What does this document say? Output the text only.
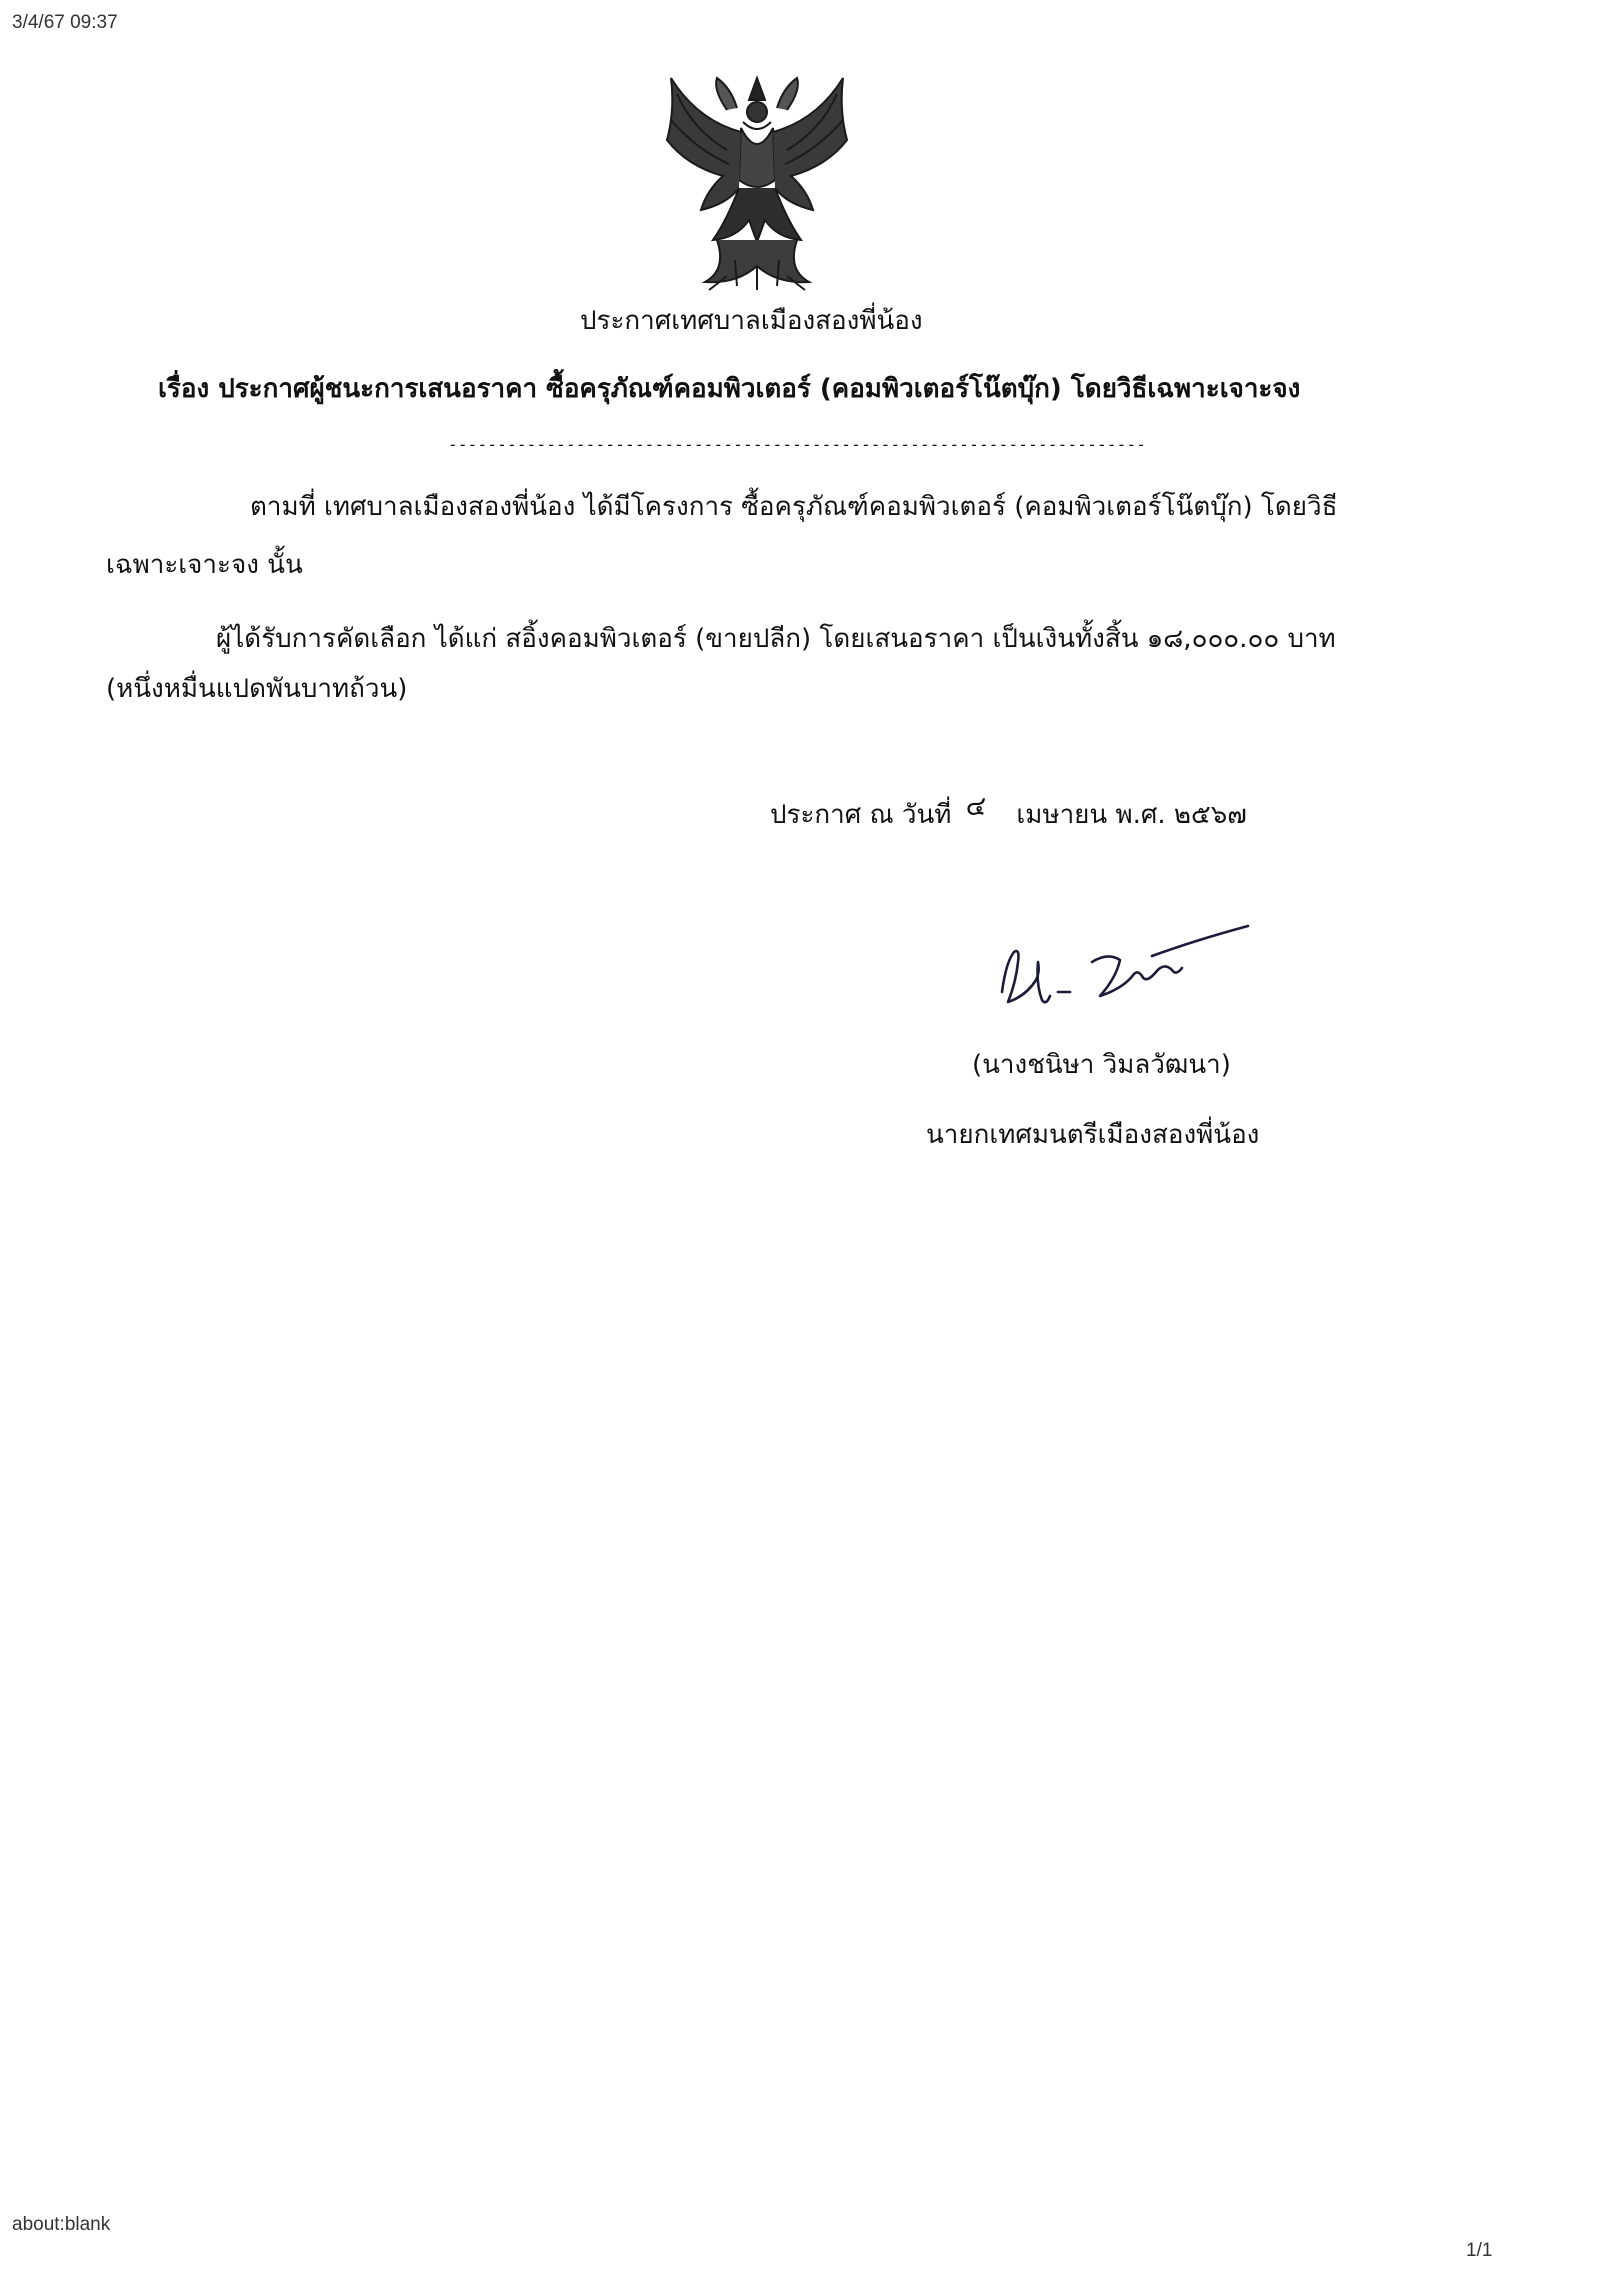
3/4/67 09:37
ประกาศเทศบาลเมืองสองพี่น้อง
เรื่อง ประกาศผู้ชนะการเสนอราคา ซื้อครุภัณฑ์คอมพิวเตอร์ (คอมพิวเตอร์โน๊ตบุ๊ก) โดยวิธีเฉพาะเจาะจง
-----------------------------------------------------------------------
ตามที่ เทศบาลเมืองสองพี่น้อง ได้มีโครงการ ซื้อครุภัณฑ์คอมพิวเตอร์ (คอมพิวเตอร์โน๊ตบุ๊ก) โดยวิธี
เฉพาะเจาะจง นั้น
ผู้ได้รับการคัดเลือก ได้แก่ สอิ้งคอมพิวเตอร์ (ขายปลีก) โดยเสนอราคา เป็นเงินทั้งสิ้น ๑๘,๐๐๐.๐๐ บาท
(หนึ่งหมื่นแปดพันบาทถ้วน)
ประกาศ ณ วันที่ ๔ เมษายน พ.ศ. ๒๕๖๗
(นางชนิษา วิมลวัฒนา)
นายกเทศมนตรีเมืองสองพี่น้อง
about:blank
1/1
